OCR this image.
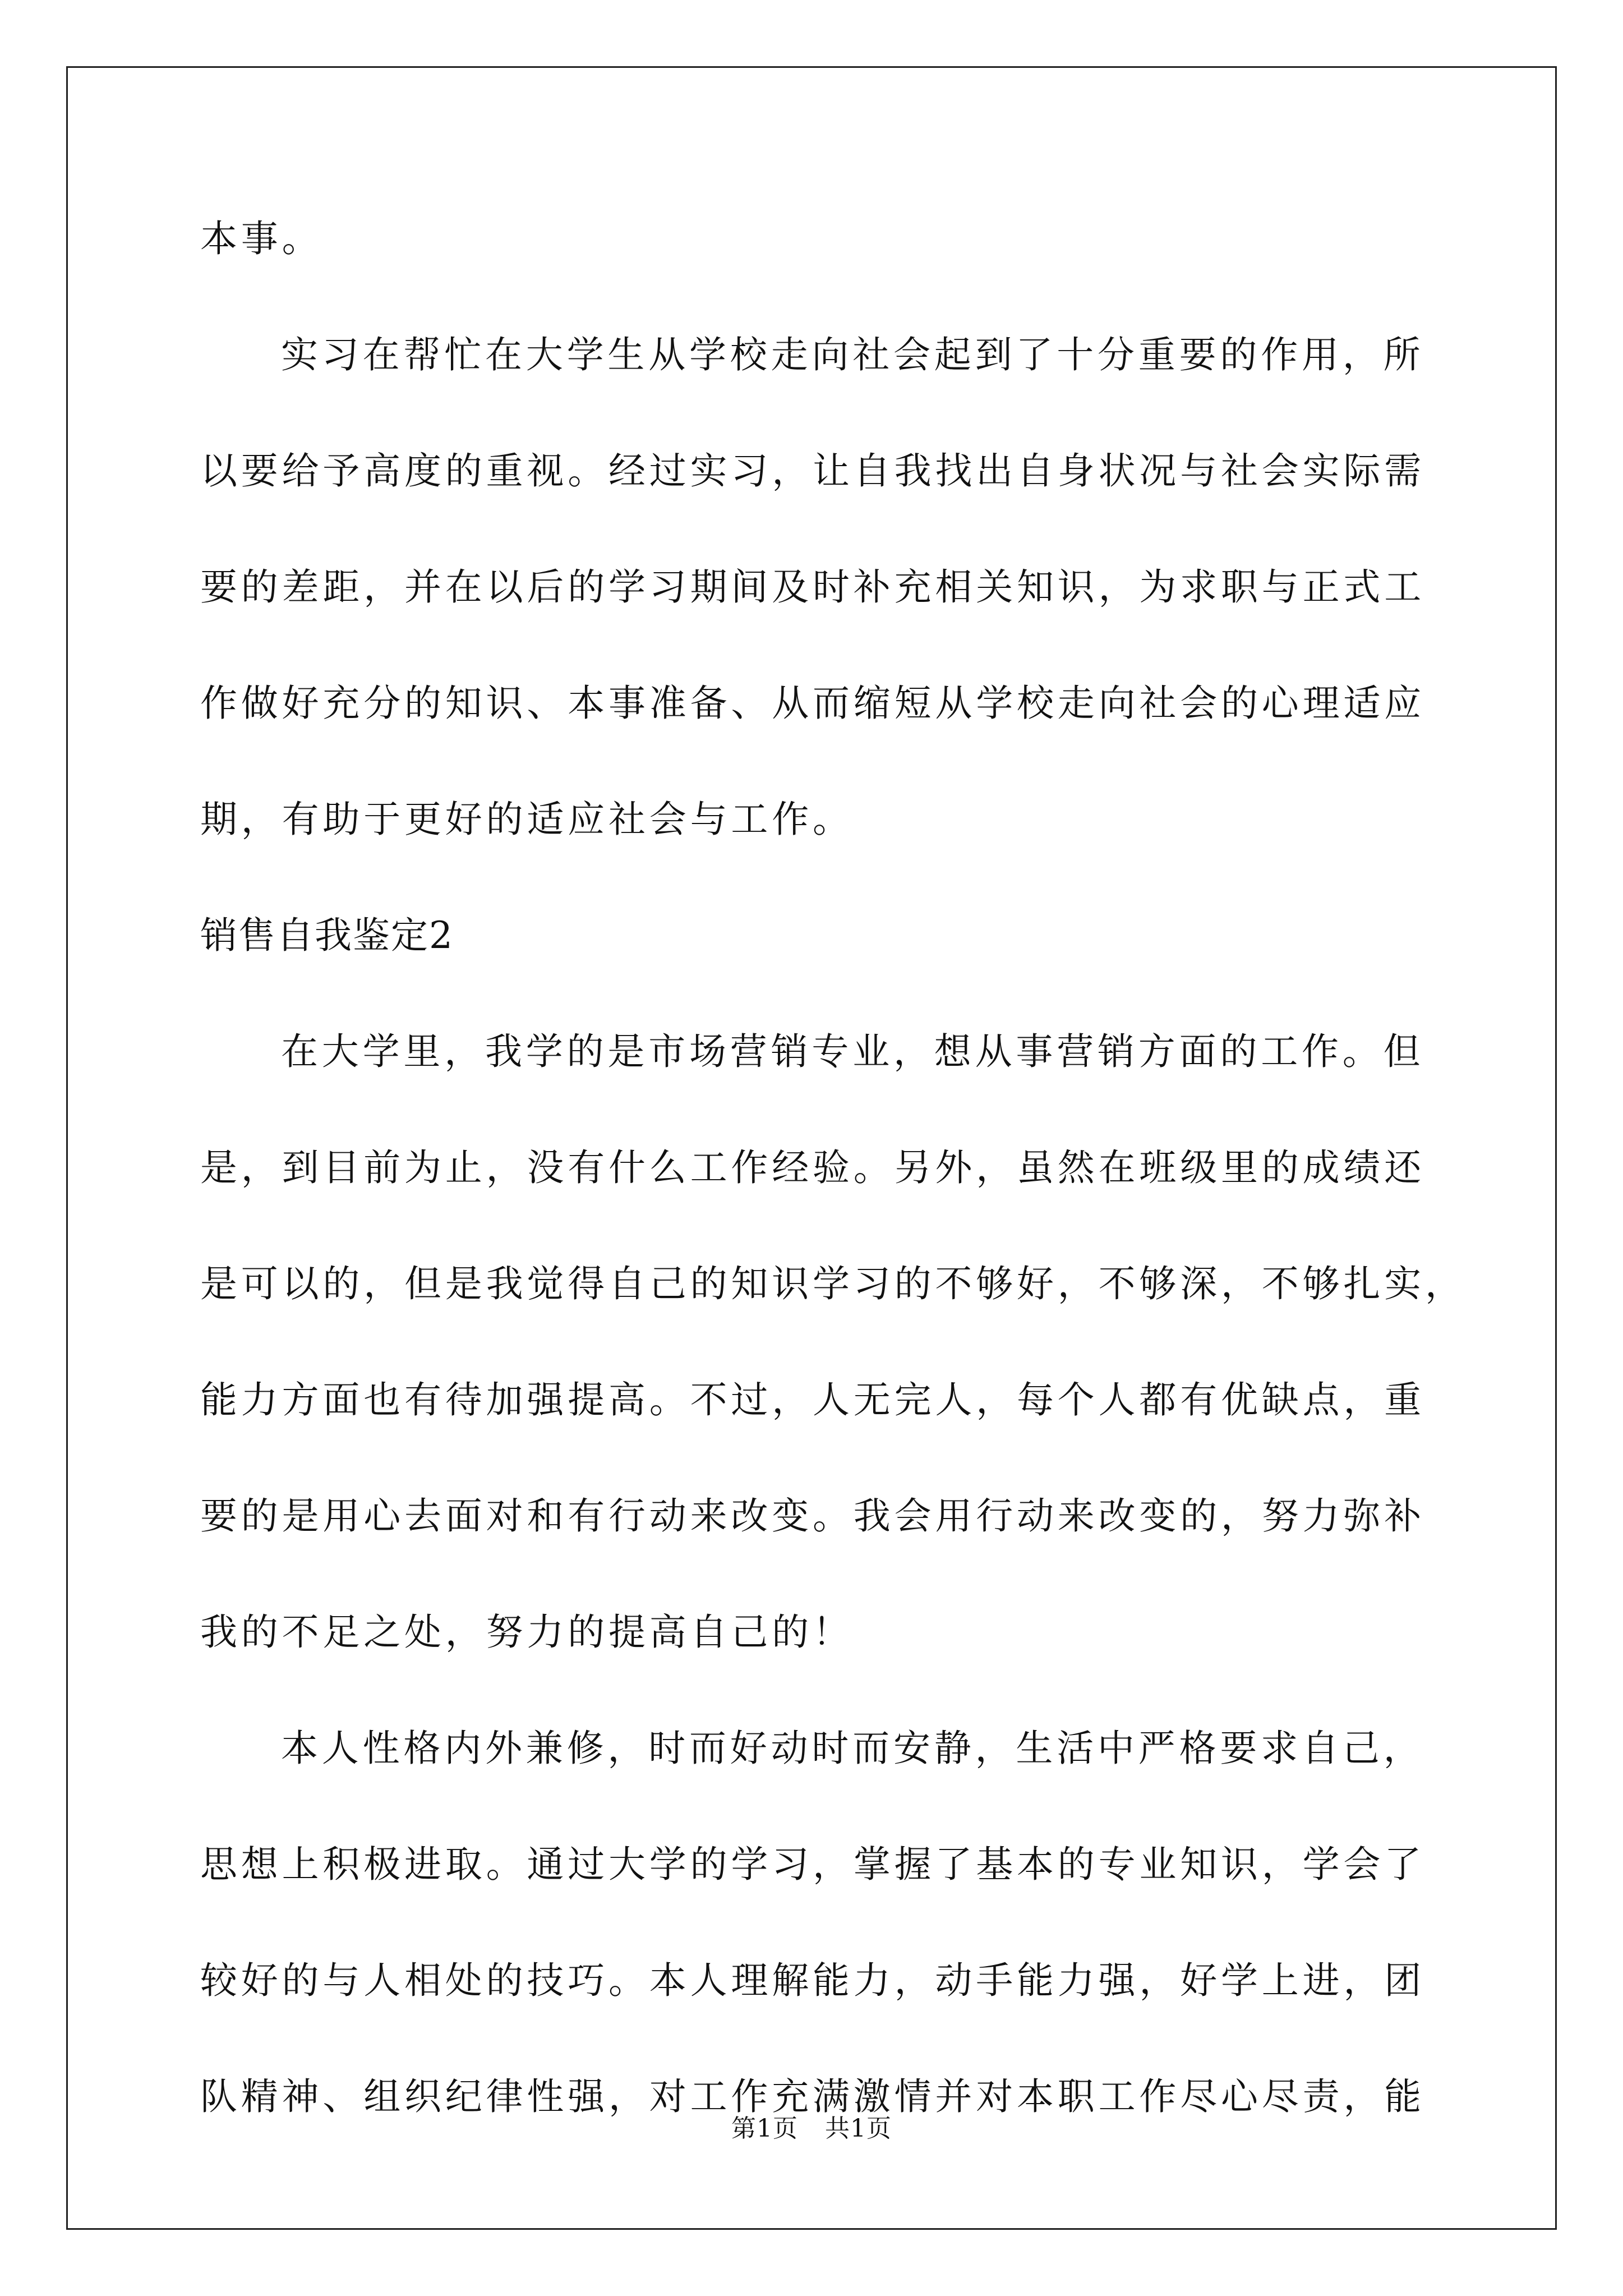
本事。
实习在帮忙在大学生从学校走向社会起到了十分重要的作用，所
以要给予高度的重视。经过实习，让自我找出自身状况与社会实际需
要的差距，并在以后的学习期间及时补充相关知识，为求职与正式工
作做好充分的知识、本事准备、从而缩短从学校走向社会的心理适应
期，有助于更好的适应社会与工作。
销售自我鉴定2
在大学里，我学的是市场营销专业，想从事营销方面的工作。但
是，到目前为止，没有什么工作经验。另外，虽然在班级里的成绩还
是可以的，但是我觉得自己的知识学习的不够好，不够深，不够扎实，
能力方面也有待加强提高。不过，人无完人，每个人都有优缺点，重
要的是用心去面对和有行动来改变。我会用行动来改变的，努力弥补
我的不足之处，努力的提高自己的！
本人性格内外兼修，时而好动时而安静，生活中严格要求自己，
思想上积极进取。通过大学的学习，掌握了基本的专业知识，学会了
较好的与人相处的技巧。本人理解能力，动手能力强，好学上进，团
队精神、组织纪律性强，对工作充满激情并对本职工作尽心尽责，能
第1页 共1页
